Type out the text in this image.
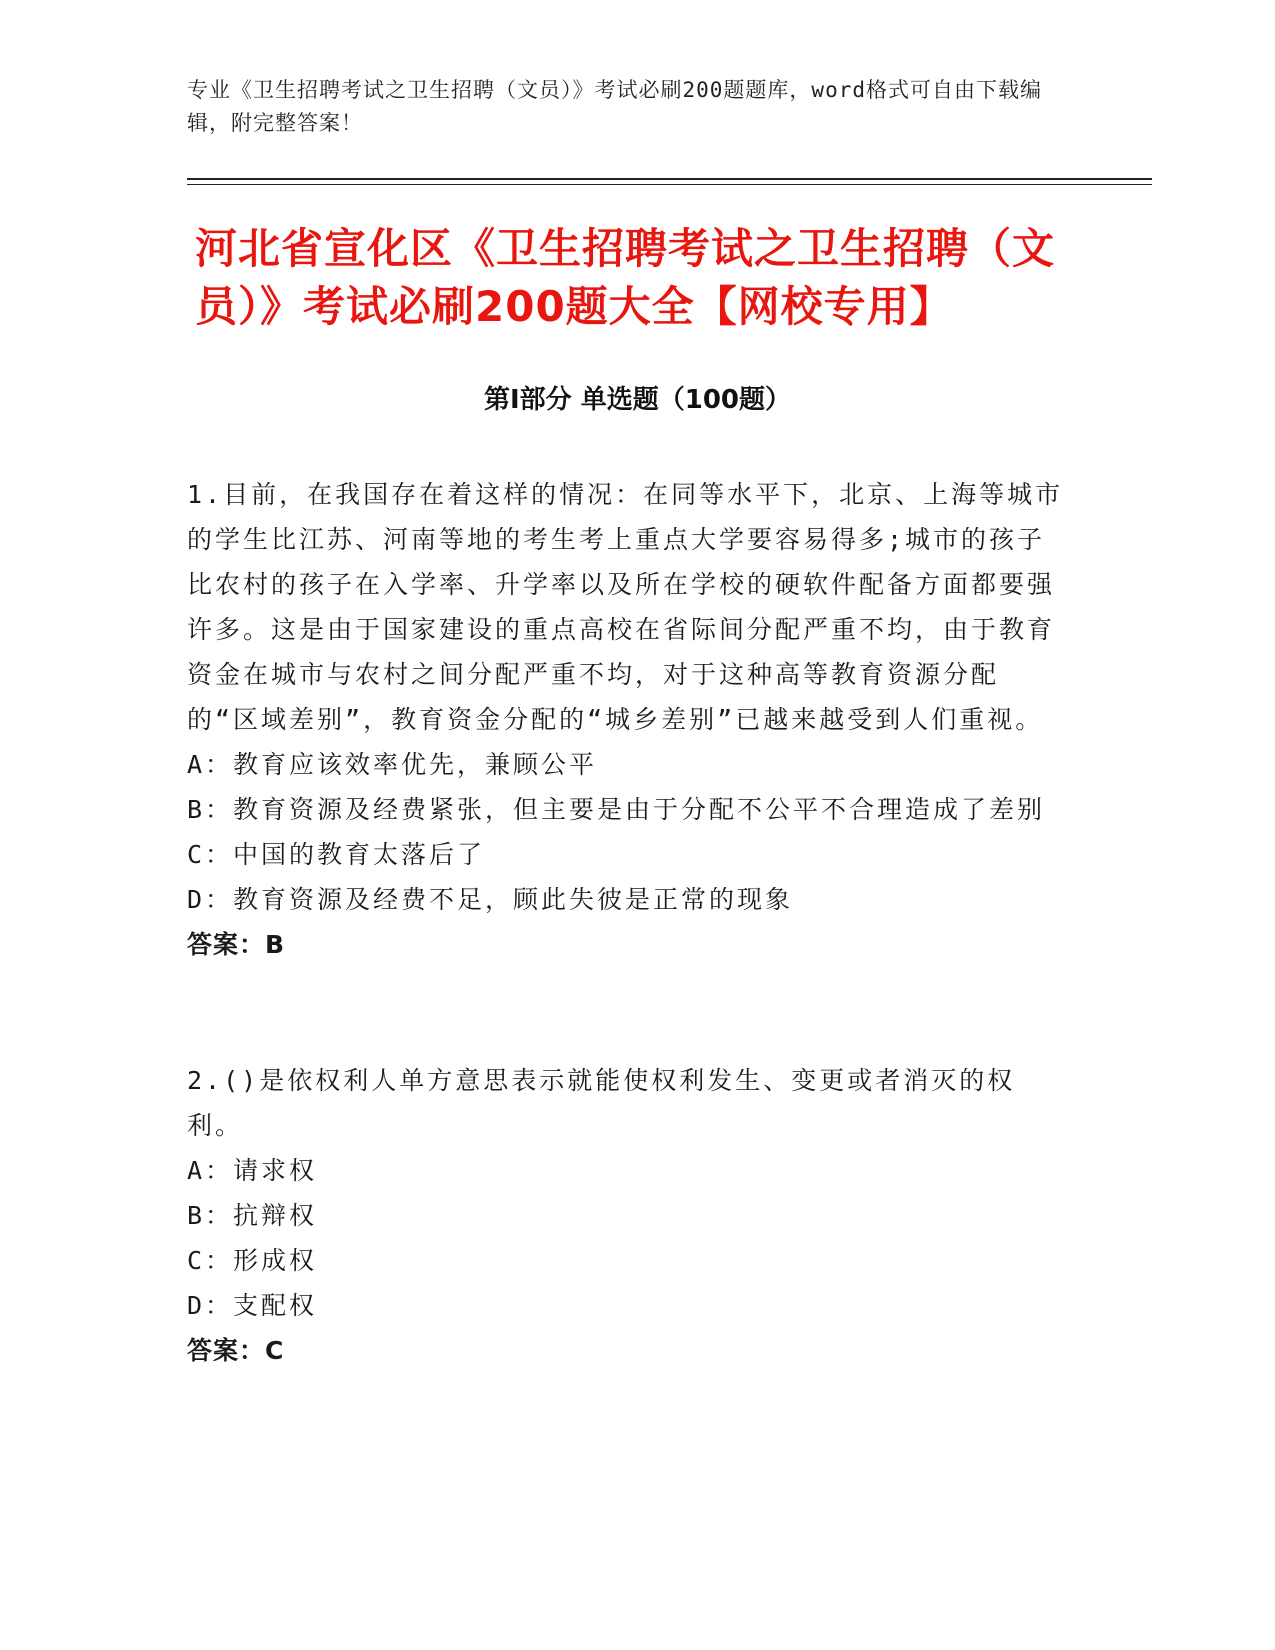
专业《卫生招聘考试之卫生招聘（文员）》考试必刷200题题库，word格式可自由下载编辑，附完整答案！
河北省宣化区《卫生招聘考试之卫生招聘（文员）》考试必刷200题大全【网校专用】
第Ⅰ部分 单选题（100题）

1.目前，在我国存在着这样的情况：在同等水平下，北京、上海等城市的学生比江苏、河南等地的考生考上重点大学要容易得多;城市的孩子比农村的孩子在入学率、升学率以及所在学校的硬软件配备方面都要强许多。这是由于国家建设的重点高校在省际间分配严重不均，由于教育资金在城市与农村之间分配严重不均，对于这种高等教育资源分配的“区域差别”，教育资金分配的“城乡差别”已越来越受到人们重视。

A：教育应该效率优先，兼顾公平

B：教育资源及经费紧张，但主要是由于分配不公平不合理造成了差别

C：中国的教育太落后了

D：教育资源及经费不足，顾此失彼是正常的现象

答案：B

2.()是依权利人单方意思表示就能使权利发生、变更或者消灭的权利。

A：请求权

B：抗辩权

C：形成权

D：支配权

答案：C
